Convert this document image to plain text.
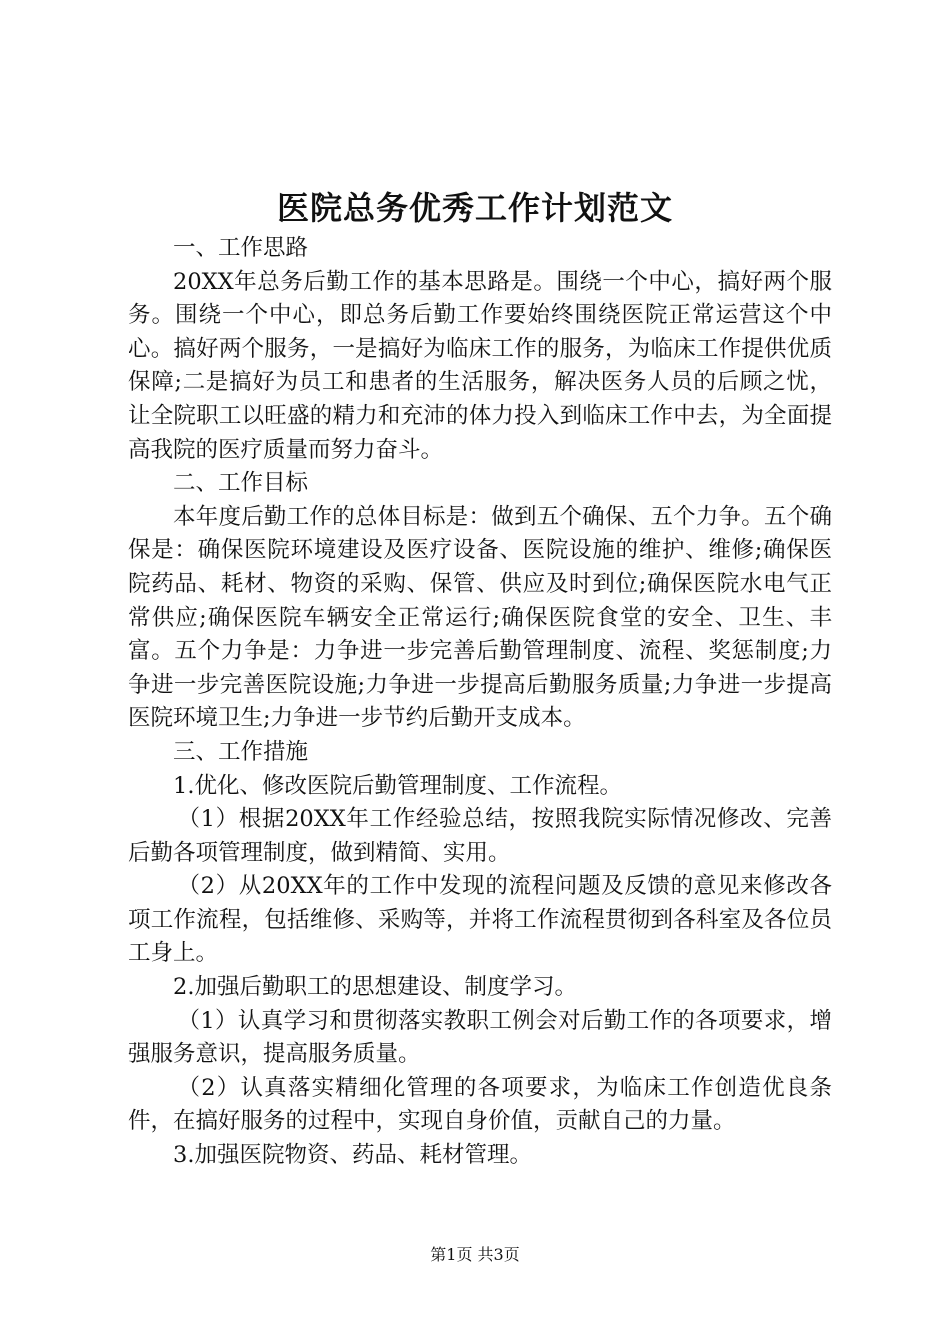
医院总务优秀工作计划范文

一、工作思路

20XX年总务后勤工作的基本思路是。围绕一个中心，搞好两个服务。围绕一个中心，即总务后勤工作要始终围绕医院正常运营这个中心。搞好两个服务，一是搞好为临床工作的服务，为临床工作提供优质保障;二是搞好为员工和患者的生活服务，解决医务人员的后顾之忧，让全院职工以旺盛的精力和充沛的体力投入到临床工作中去，为全面提高我院的医疗质量而努力奋斗。

二、工作目标

本年度后勤工作的总体目标是：做到五个确保、五个力争。五个确保是：确保医院环境建设及医疗设备、医院设施的维护、维修;确保医院药品、耗材、物资的采购、保管、供应及时到位;确保医院水电气正常供应;确保医院车辆安全正常运行;确保医院食堂的安全、卫生、丰富。五个力争是：力争进一步完善后勤管理制度、流程、奖惩制度;力争进一步完善医院设施;力争进一步提高后勤服务质量;力争进一步提高医院环境卫生;力争进一步节约后勤开支成本。

三、工作措施

1.优化、修改医院后勤管理制度、工作流程。

（1）根据20XX年工作经验总结，按照我院实际情况修改、完善后勤各项管理制度，做到精简、实用。

（2）从20XX年的工作中发现的流程问题及反馈的意见来修改各项工作流程，包括维修、采购等，并将工作流程贯彻到各科室及各位员工身上。

2.加强后勤职工的思想建设、制度学习。

（1）认真学习和贯彻落实教职工例会对后勤工作的各项要求，增强服务意识，提高服务质量。

（2）认真落实精细化管理的各项要求，为临床工作创造优良条件，在搞好服务的过程中，实现自身价值，贡献自己的力量。

3.加强医院物资、药品、耗材管理。

第1页 共3页
